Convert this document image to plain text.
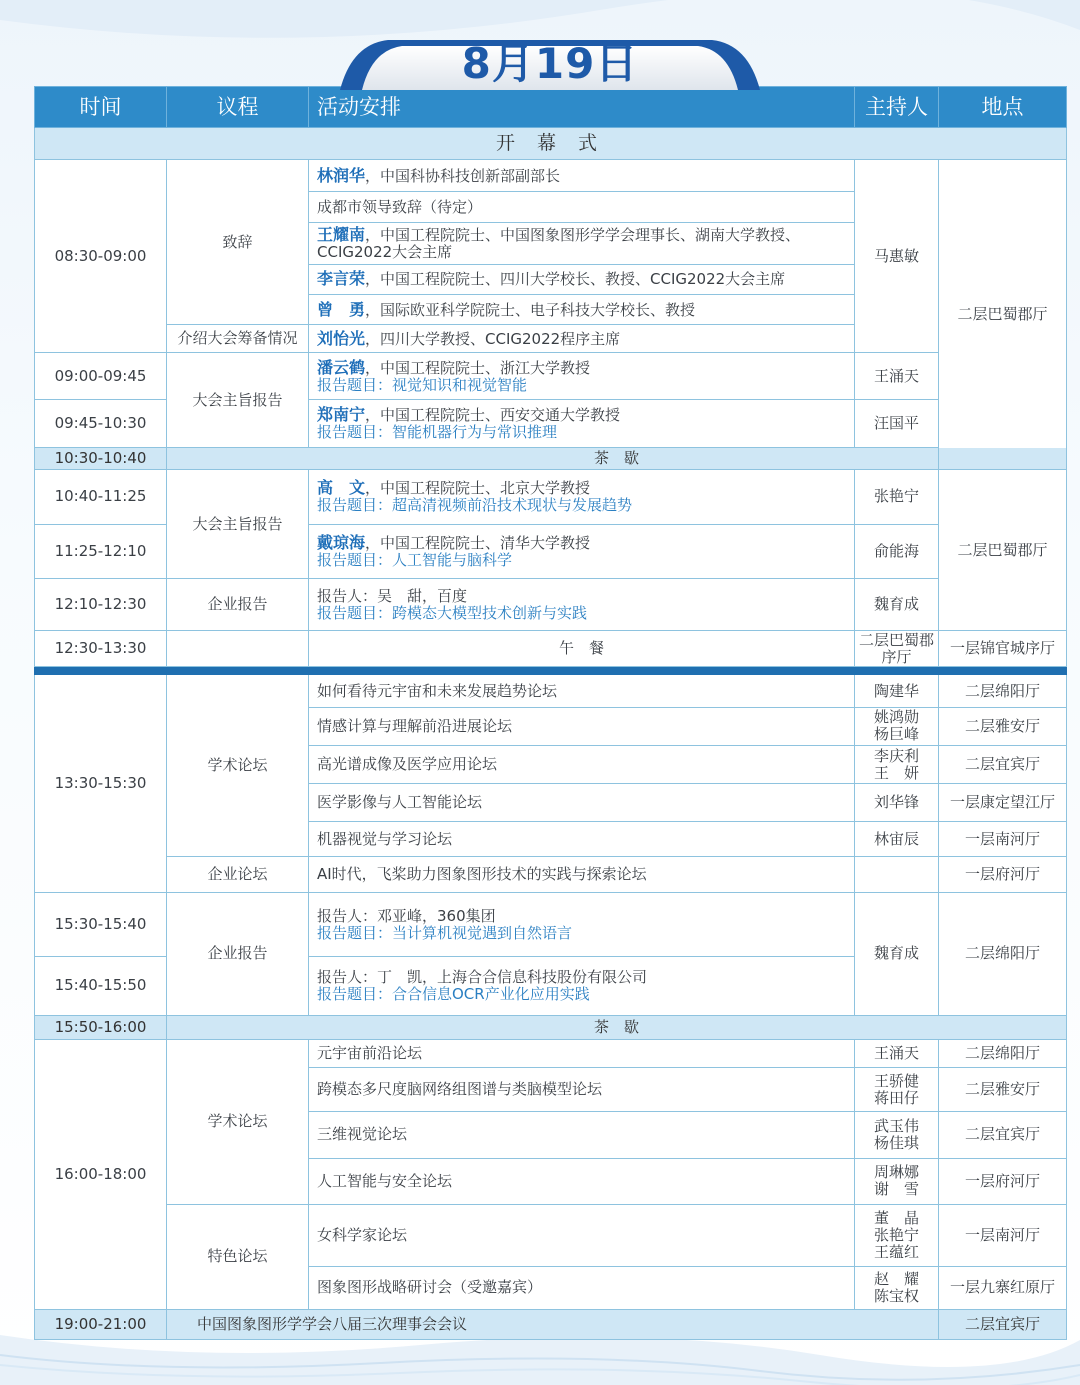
8月19日
时间	议程	活动安排	主持人	地点
开 幕 式				
08:30-09:00	致辞	林润华，中国科协科技创新部副部长	马惠敏	二层巴蜀郡厅
		成都市领导致辞（待定）		
		王耀南，中国工程院院士、中国图象图形学学会理事长、湖南大学教授、CCIG2022大会主席		
		李言荣，中国工程院院士、四川大学校长、教授、CCIG2022大会主席		
		曾　勇，国际欧亚科学院院士、电子科技大学校长、教授		
	介绍大会筹备情况	刘怡光，四川大学教授、CCIG2022程序主席		
09:00-09:45	大会主旨报告	潘云鹤，中国工程院院士、浙江大学教授
报告题目：视觉知识和视觉智能	王涌天	
09:45-10:30		郑南宁，中国工程院院士、西安交通大学教授
报告题目：智能机器行为与常识推理	汪国平	
10:30-10:40	茶　歇			
10:40-11:25	大会主旨报告	高　文，中国工程院院士、北京大学教授
报告题目：超高清视频前沿技术现状与发展趋势	张艳宁	二层巴蜀郡厅
11:25-12:10		戴琼海，中国工程院院士、清华大学教授
报告题目：人工智能与脑科学	俞能海	
12:10-12:30	企业报告	报告人：吴　甜，百度
报告题目：跨模态大模型技术创新与实践	魏育成	
12:30-13:30		午　餐	二层巴蜀郡序厅	一层锦官城序厅

13:30-15:30	学术论坛	如何看待元宇宙和未来发展趋势论坛	陶建华	二层绵阳厅
		情感计算与理解前沿进展论坛	姚鸿勋
杨巨峰	二层雅安厅
		高光谱成像及医学应用论坛	李庆利
王　妍	二层宜宾厅
		医学影像与人工智能论坛	刘华锋	一层康定望江厅
		机器视觉与学习论坛	林宙辰	一层南河厅
	企业论坛	AI时代，飞桨助力图象图形技术的实践与探索论坛		一层府河厅
15:30-15:40	企业报告	报告人：邓亚峰，360集团
报告题目：当计算机视觉遇到自然语言	魏育成	二层绵阳厅
15:40-15:50		报告人：丁　凯，上海合合信息科技股份有限公司
报告题目：合合信息OCR产业化应用实践		

15:50-16:00	茶　歇			
16:00-18:00	学术论坛	元宇宙前沿论坛	王涌天	二层绵阳厅
		跨模态多尺度脑网络组图谱与类脑模型论坛	王骄健
蒋田仔	二层雅安厅
		三维视觉论坛	武玉伟
杨佳琪	二层宜宾厅
		人工智能与安全论坛	周琳娜
谢　雪	一层府河厅
	特色论坛	女科学家论坛	董　晶
张艳宁
王蕴红	一层南河厅
		图象图形战略研讨会（受邀嘉宾）	赵　耀
陈宝权	一层九寨红原厅
19:00-21:00	中国图象图形学学会八届三次理事会会议			二层宜宾厅
